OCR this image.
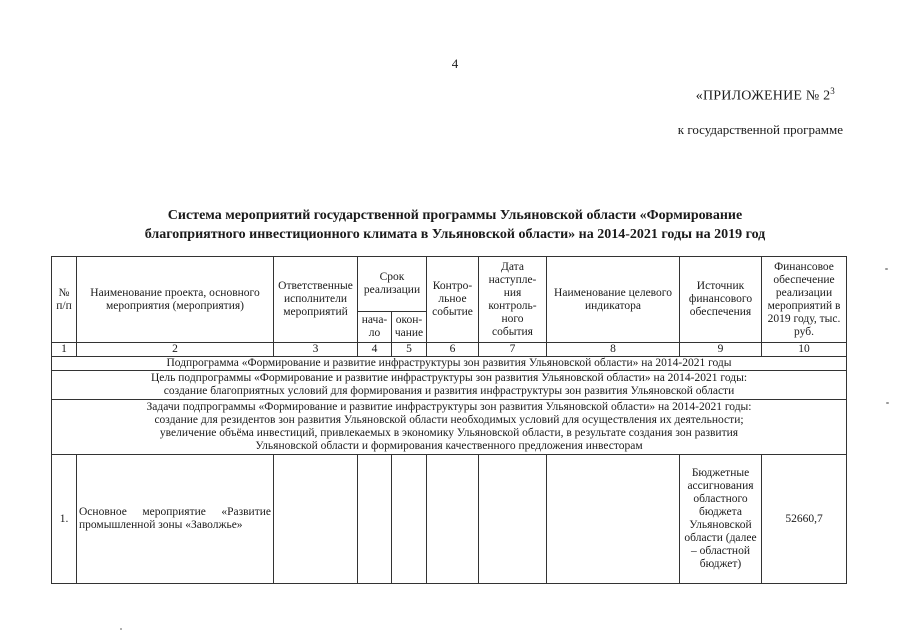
4
«ПРИЛОЖЕНИЕ № $2^3$
к государственной программе
Система мероприятий государственной программы Ульяновской области «Формирование
благоприятного инвестиционного климата в Ульяновской области» на 2014-2021 годы на 2019 год
№ п/п	Наименование проекта, основного мероприятия (мероприятия)	Ответственные исполнители мероприятий	Срок реализации		Контро-льное событие	Дата наступле-ния контроль-ного события	Наименование целевого индикатора	Источник финансового обеспечения	Финансовое обеспечение реализации мероприятий в 2019 году, тыс. руб.
			нача-ло	окон-чание					
1	2	3	4	5	6	7	8	9	10
Подпрограмма «Формирование и развитие инфраструктуры зон развития Ульяновской области» на 2014-2021 годы									

Цель подпрограммы «Формирование и развитие инфраструктуры зон развития Ульяновской области» на 2014-2021 годы:
создание благоприятных условий для формирования и развития инфраструктуры зон развития Ульяновской области									

Задачи подпрограммы «Формирование и развитие инфраструктуры зон развития Ульяновской области» на 2014-2021 годы:
создание для резидентов зон развития Ульяновской области необходимых условий для осуществления их деятельности;
увеличение объёма инвестиций, привлекаемых в экономику Ульяновской области, в результате создания зон развития
Ульяновской области и формирования качественного предложения инвесторам									

1.	Основное мероприятие «Развитие промышленной зоны «Заволжье»							Бюджетные ассигнования областного бюджета Ульяновской области (далее – областной бюджет)	52660,7
